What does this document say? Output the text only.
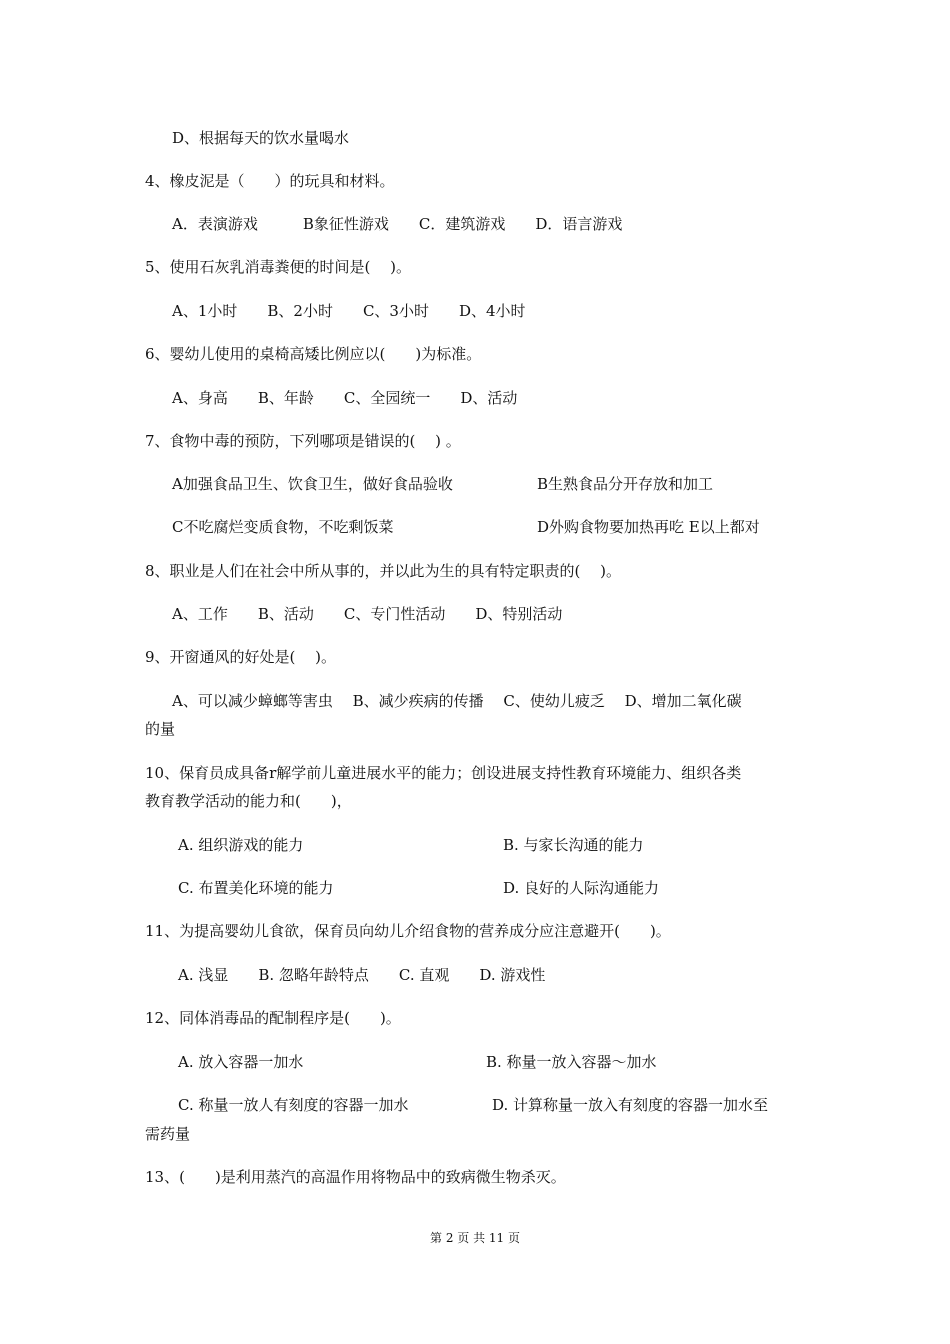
D、根据每天的饮水量喝水
4、橡皮泥是（　　）的玩具和材料。
A．表演游戏　　　B象征性游戏　　C．建筑游戏　　D．语言游戏
5、使用石灰乳消毒粪便的时间是(　 )。
A、1小时　　B、2小时　　C、3小时　　D、4小时
6、婴幼儿使用的桌椅高矮比例应以(　　)为标准。
A、身高　　B、年龄　　C、全园统一　　D、活动
7、食物中毒的预防，下列哪项是错误的(　 ) 。
A加强食品卫生、饮食卫生，做好食品验收	B生熟食品分开存放和加工
C不吃腐烂变质食物，不吃剩饭菜	D外购食物要加热再吃 E以上都对
8、职业是人们在社会中所从事的，并以此为生的具有特定职责的(　 )。
A、工作　　B、活动　　C、专门性活动　　D、特别活动
9、开窗通风的好处是(　 )。
A、可以减少蟑螂等害虫　 B、减少疾病的传播　 C、使幼儿疲乏　 D、增加二氧化碳
的量
10、保育员成具备r解学前儿童进展水平的能力；创设进展支持性教育环境能力、组织各类
教育教学活动的能力和(　　)，
A. 组织游戏的能力	B. 与家长沟通的能力
C. 布置美化环境的能力	D. 良好的人际沟通能力
11、为提高婴幼儿食欲，保育员向幼儿介绍食物的营养成分应注意避开(　　)。
A. 浅显　　B. 忽略年龄特点　　C. 直观　　D. 游戏性
12、同体消毒品的配制程序是(　　)。
A. 放入容器一加水	B. 称量一放入容器～加水
C. 称量一放人有刻度的容器一加水	D. 计算称量一放入有刻度的容器一加水至
需药量
13、(　　)是利用蒸汽的高温作用将物品中的致病微生物杀灭。
第 2 页 共 11 页
